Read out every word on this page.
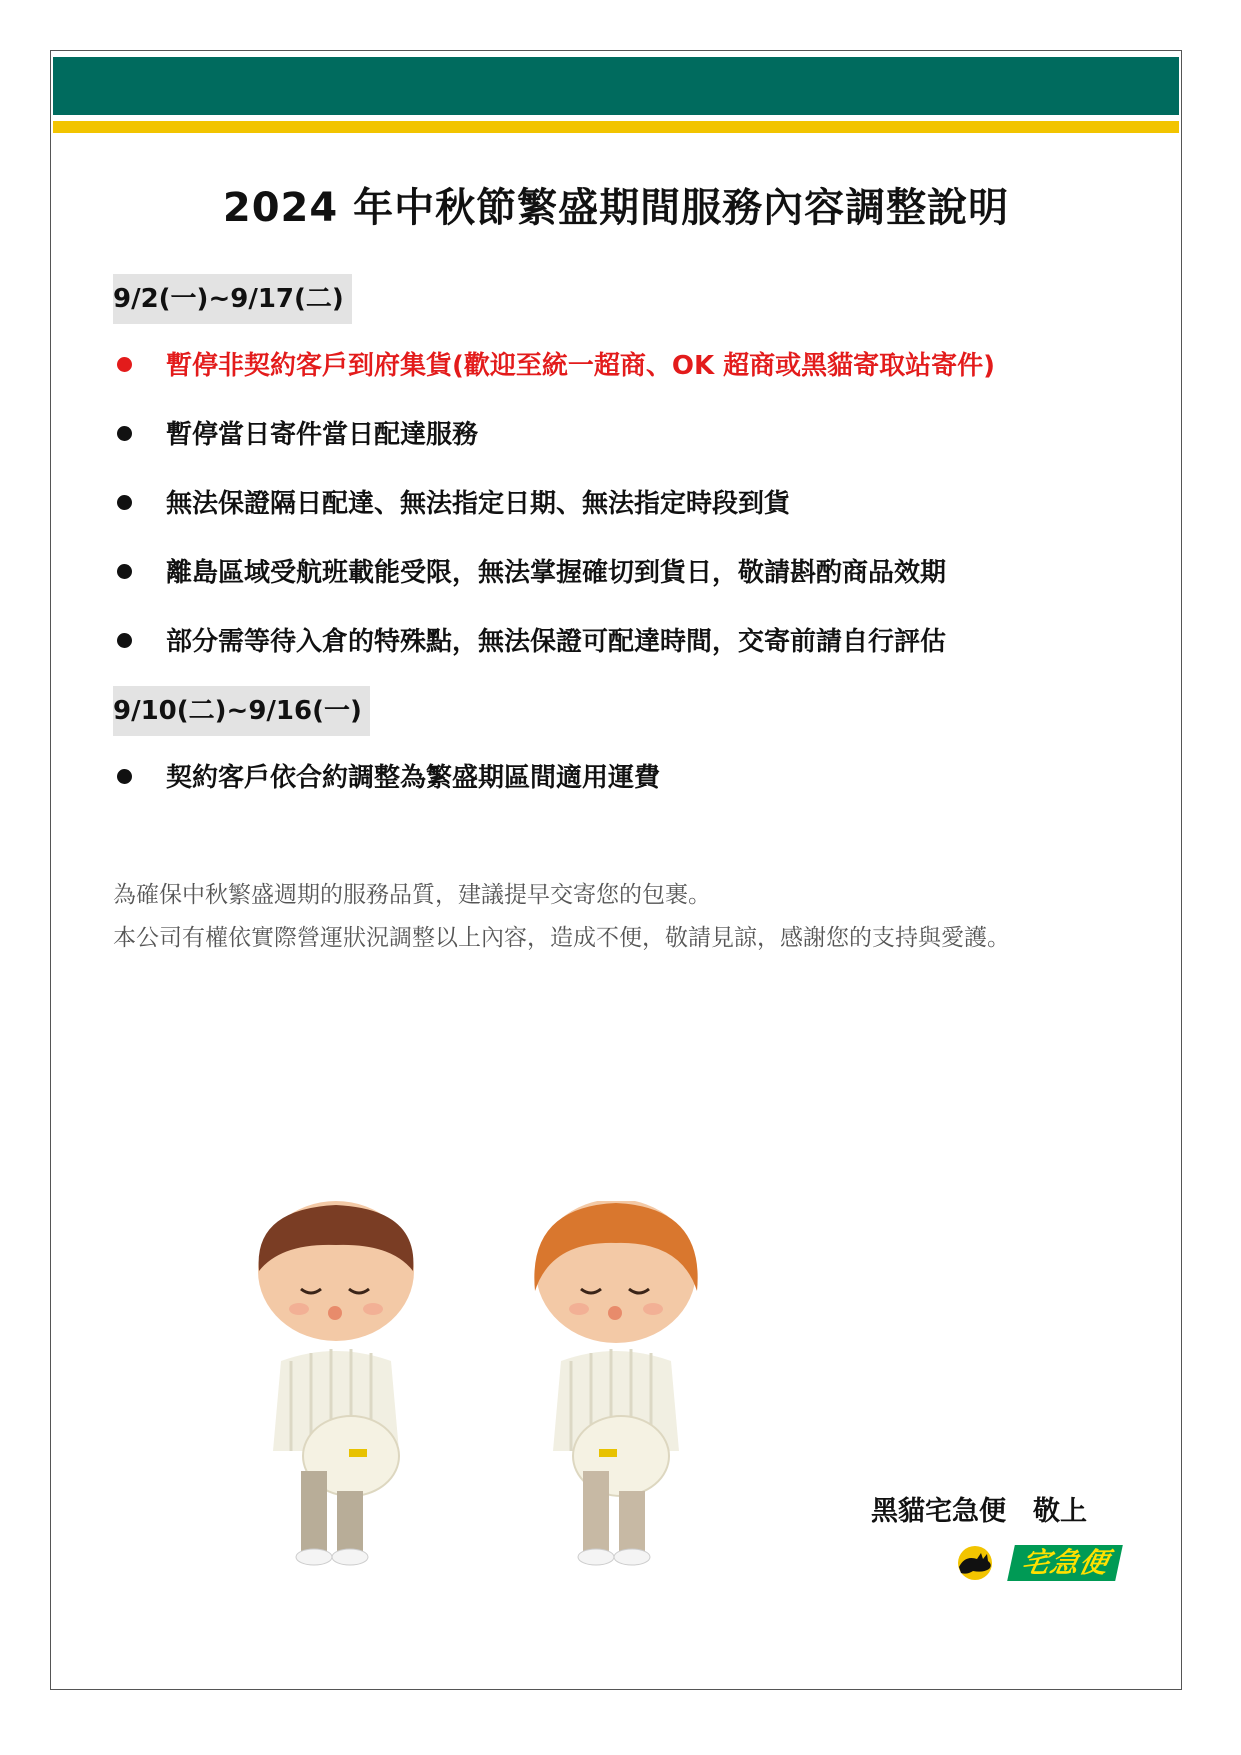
2024 年中秋節繁盛期間服務內容調整說明
9/2(一)~9/17(二)
暫停非契約客戶到府集貨(歡迎至統一超商、OK 超商或黑貓寄取站寄件)
暫停當日寄件當日配達服務
無法保證隔日配達、無法指定日期、無法指定時段到貨
離島區域受航班載能受限，無法掌握確切到貨日，敬請斟酌商品效期
部分需等待入倉的特殊點，無法保證可配達時間，交寄前請自行評估
9/10(二)~9/16(一)
契約客戶依合約調整為繁盛期區間適用運費
為確保中秋繁盛週期的服務品質，建議提早交寄您的包裹。
本公司有權依實際營運狀況調整以上內容，造成不便，敬請見諒，感謝您的支持與愛護。
黑貓宅急便　敬上
宅急便
